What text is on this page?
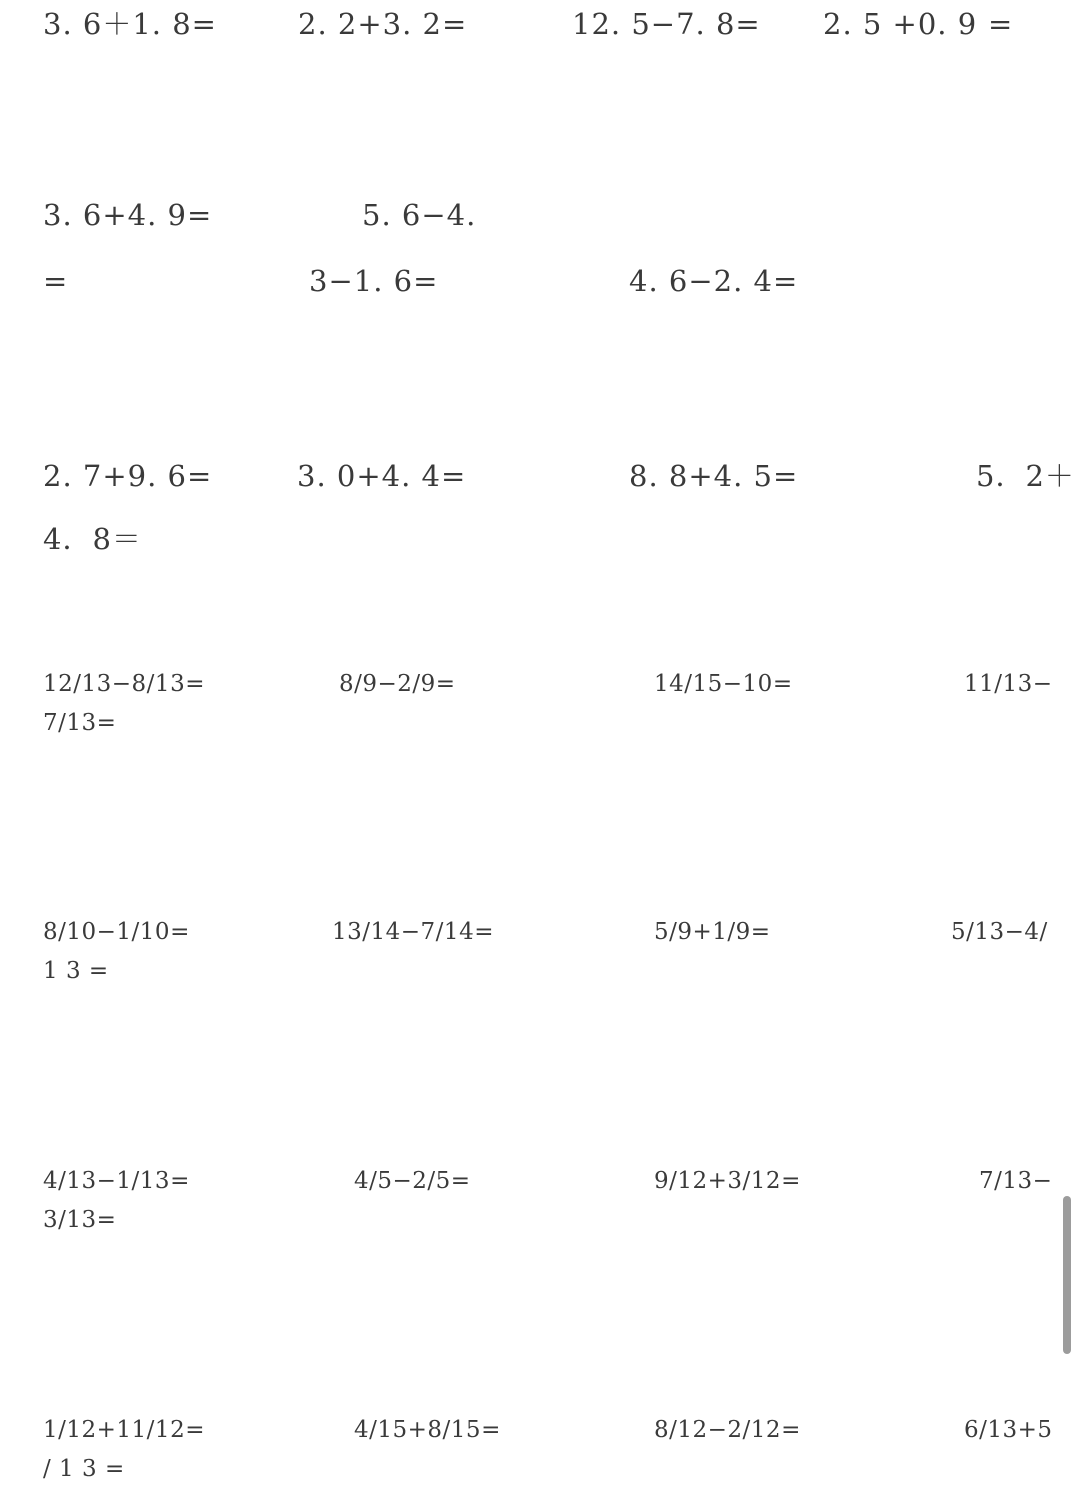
3. 6＋1. 8=	2. 2+3. 2=	12. 5−7. 8= 2. 5 +0. 9 =
3. 6+4. 9=	5. 6−4.
=	3−1. 6=	4. 6−2. 4=
2. 7+9. 6=	3. 0+4. 4=	8. 8+4. 5=	5．2＋
4．8＝
12/13−8/13=	8/9−2/9=	14/15−10=	11/13−
7/13=
8/10−1/10=	13/14−7/14=	5/9+1/9=	5/13−4/
1 3 =
4/13−1/13=	4/5−2/5=	9/12+3/12=	7/13−
3/13=
1/12+11/12=	4/15+8/15=	8/12−2/12=	6/13+5
/ 1 3 =
